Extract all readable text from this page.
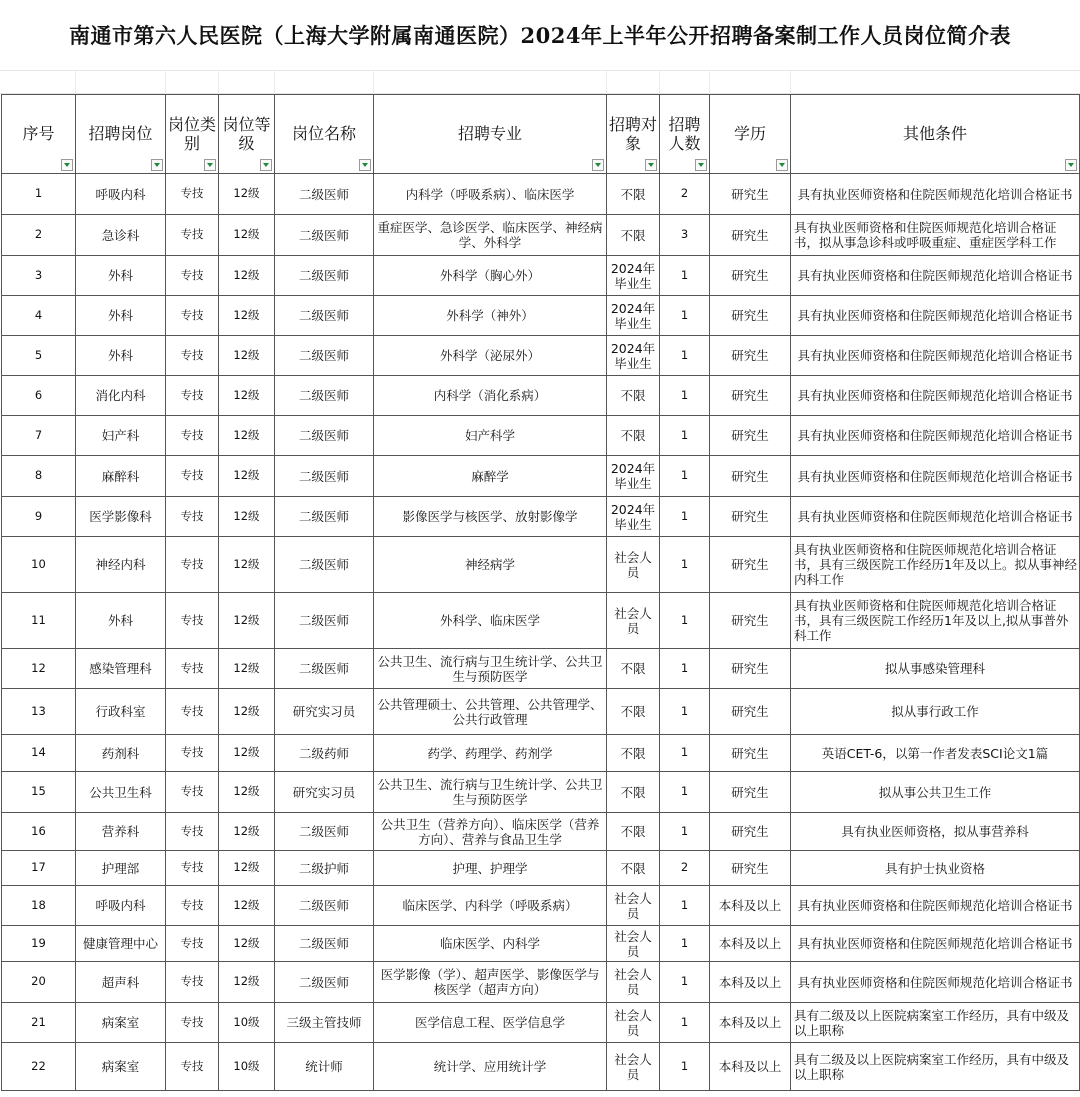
南通市第六人民医院（上海大学附属南通医院）2024年上半年公开招聘备案制工作人员岗位简介表
序号	招聘岗位	岗位类别	岗位等级	岗位名称	招聘专业	招聘对象	招聘人数	学历	其他条件

1	呼吸内科	专技	12级	二级医师	内科学（呼吸系病）、临床医学	不限	2	研究生	具有执业医师资格和住院医师规范化培训合格证书
2	急诊科	专技	12级	二级医师	重症医学、急诊医学、临床医学、神经病学、外科学	不限	3	研究生	具有执业医师资格和住院医师规范化培训合格证书，拟从事急诊科或呼吸重症、重症医学科工作
3	外科	专技	12级	二级医师	外科学（胸心外）	2024年毕业生	1	研究生	具有执业医师资格和住院医师规范化培训合格证书
4	外科	专技	12级	二级医师	外科学（神外）	2024年毕业生	1	研究生	具有执业医师资格和住院医师规范化培训合格证书
5	外科	专技	12级	二级医师	外科学（泌尿外）	2024年毕业生	1	研究生	具有执业医师资格和住院医师规范化培训合格证书
6	消化内科	专技	12级	二级医师	内科学（消化系病）	不限	1	研究生	具有执业医师资格和住院医师规范化培训合格证书
7	妇产科	专技	12级	二级医师	妇产科学	不限	1	研究生	具有执业医师资格和住院医师规范化培训合格证书
8	麻醉科	专技	12级	二级医师	麻醉学	2024年毕业生	1	研究生	具有执业医师资格和住院医师规范化培训合格证书
9	医学影像科	专技	12级	二级医师	影像医学与核医学、放射影像学	2024年毕业生	1	研究生	具有执业医师资格和住院医师规范化培训合格证书
10	神经内科	专技	12级	二级医师	神经病学	社会人员	1	研究生	具有执业医师资格和住院医师规范化培训合格证书，具有三级医院工作经历1年及以上。拟从事神经内科工作
11	外科	专技	12级	二级医师	外科学、临床医学	社会人员	1	研究生	具有执业医师资格和住院医师规范化培训合格证书，具有三级医院工作经历1年及以上,拟从事普外科工作
12	感染管理科	专技	12级	二级医师	公共卫生、流行病与卫生统计学、公共卫生与预防医学	不限	1	研究生	拟从事感染管理科
13	行政科室	专技	12级	研究实习员	公共管理硕士、公共管理、公共管理学、公共行政管理	不限	1	研究生	拟从事行政工作
14	药剂科	专技	12级	二级药师	药学、药理学、药剂学	不限	1	研究生	英语CET-6，以第一作者发表SCI论文1篇
15	公共卫生科	专技	12级	研究实习员	公共卫生、流行病与卫生统计学、公共卫生与预防医学	不限	1	研究生	拟从事公共卫生工作
16	营养科	专技	12级	二级医师	公共卫生（营养方向）、临床医学（营养方向）、营养与食品卫生学	不限	1	研究生	具有执业医师资格，拟从事营养科
17	护理部	专技	12级	二级护师	护理、护理学	不限	2	研究生	具有护士执业资格
18	呼吸内科	专技	12级	二级医师	临床医学、内科学（呼吸系病）	社会人员	1	本科及以上	具有执业医师资格和住院医师规范化培训合格证书
19	健康管理中心	专技	12级	二级医师	临床医学、内科学	社会人员	1	本科及以上	具有执业医师资格和住院医师规范化培训合格证书
20	超声科	专技	12级	二级医师	医学影像（学）、超声医学、影像医学与核医学（超声方向）	社会人员	1	本科及以上	具有执业医师资格和住院医师规范化培训合格证书
21	病案室	专技	10级	三级主管技师	医学信息工程、医学信息学	社会人员	1	本科及以上	具有二级及以上医院病案室工作经历，具有中级及以上职称
22	病案室	专技	10级	统计师	统计学、应用统计学	社会人员	1	本科及以上	具有二级及以上医院病案室工作经历，具有中级及以上职称
